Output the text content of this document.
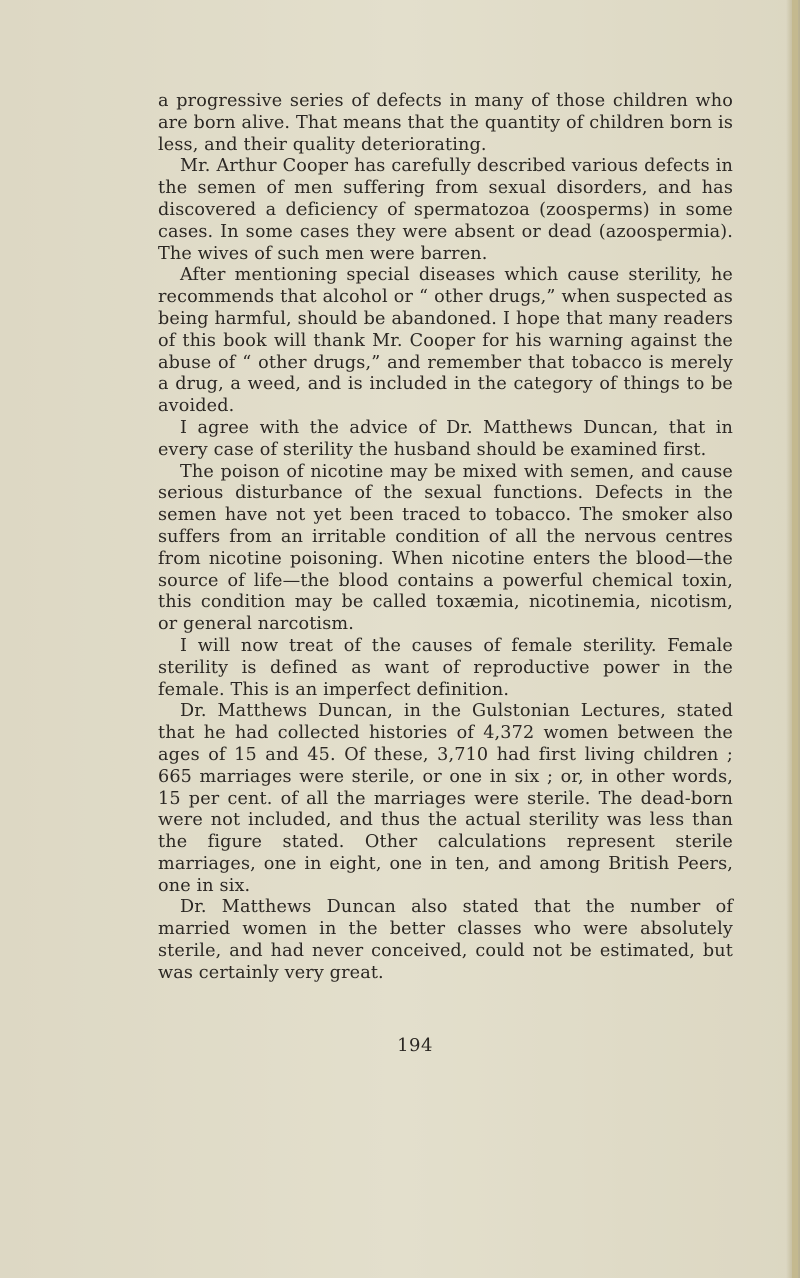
a progressive series of defects in many of those children who are born alive. That means that the quantity of children born is less, and their quality deteriorating.

Mr. Arthur Cooper has carefully described various defects in the semen of men suffering from sexual disorders, and has discovered a deficiency of spermatozoa (zoosperms) in some cases. In some cases they were absent or dead (azoospermia). The wives of such men were barren.

After mentioning special diseases which cause sterility, he recommends that alcohol or “ other drugs,” when suspected as being harmful, should be abandoned. I hope that many readers of this book will thank Mr. Cooper for his warning against the abuse of “ other drugs,” and remember that tobacco is merely a drug, a weed, and is included in the category of things to be avoided.

I agree with the advice of Dr. Matthews Duncan, that in every case of sterility the husband should be examined first.

The poison of nicotine may be mixed with semen, and cause serious disturbance of the sexual functions. Defects in the semen have not yet been traced to tobacco. The smoker also suffers from an irritable condition of all the nervous centres from nicotine poisoning. When nicotine enters the blood—the source of life—the blood contains a powerful chemical toxin, this condition may be called toxæmia, nicotinemia, nicotism, or general narcotism.

I will now treat of the causes of female sterility. Female sterility is defined as want of reproductive power in the female. This is an imperfect definition.

Dr. Matthews Duncan, in the Gulstonian Lectures, stated that he had collected histories of 4,372 women between the ages of 15 and 45. Of these, 3,710 had first living children ; 665 marriages were sterile, or one in six ; or, in other words, 15 per cent. of all the marriages were sterile. The dead-born were not included, and thus the actual sterility was less than the figure stated. Other calculations represent sterile marriages, one in eight, one in ten, and among British Peers, one in six.

Dr. Matthews Duncan also stated that the number of married women in the better classes who were absolutely sterile, and had never conceived, could not be estimated, but was certainly very great.

194
